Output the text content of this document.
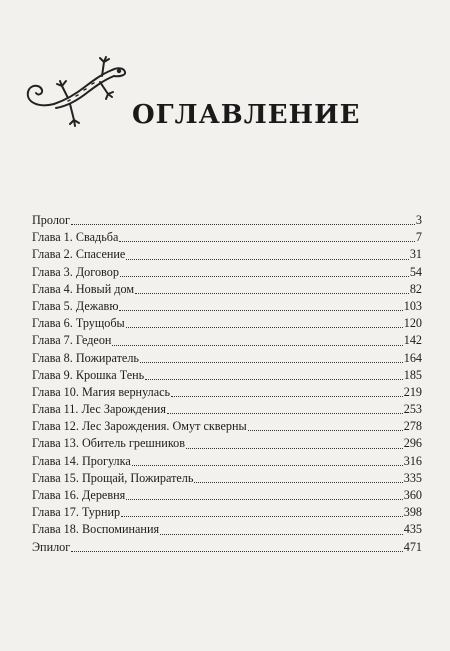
ОГЛАВЛЕНИЕ
Пролог	3
Глава 1. Свадьба	7
Глава 2. Спасение	31
Глава 3. Договор	54
Глава 4. Новый дом	82
Глава 5. Дежавю	103
Глава 6. Трущобы	120
Глава 7. Гедеон	142
Глава 8. Пожиратель	164
Глава 9. Крошка Тень	185
Глава 10. Магия вернулась	219
Глава 11. Лес Зарождения	253
Глава 12. Лес Зарождения. Омут скверны	278
Глава 13. Обитель грешников	296
Глава 14. Прогулка	316
Глава 15. Прощай, Пожиратель	335
Глава 16. Деревня	360
Глава 17. Турнир	398
Глава 18. Воспоминания	435
Эпилог	471
